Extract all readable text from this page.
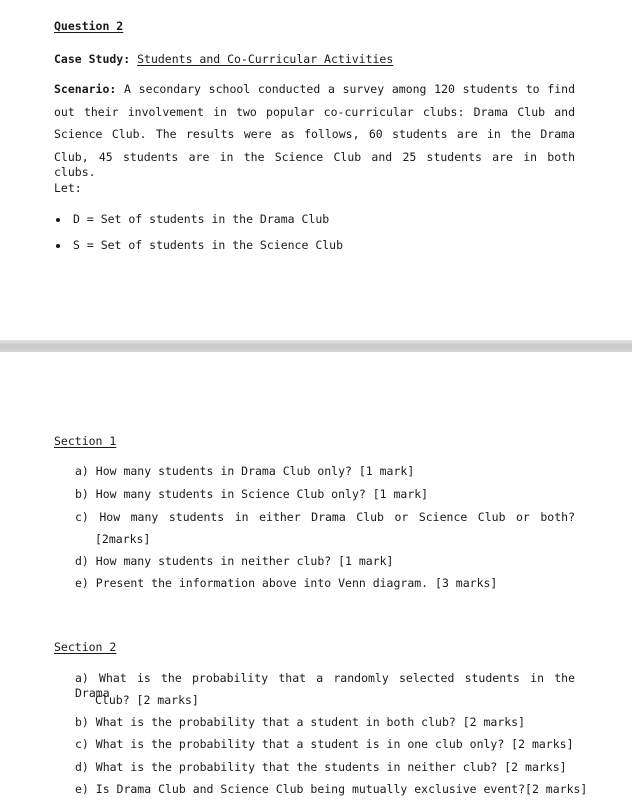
Question 2
Case Study: Students and Co-Curricular Activities
Scenario: A secondary school conducted a survey among 120 students to find
out their involvement in two popular co-curricular clubs: Drama Club and
Science Club. The results were as follows, 60 students are in the Drama
Club, 45 students are in the Science Club and 25 students are in both clubs.
Let:
D = Set of students in the Drama Club
S = Set of students in the Science Club
Section 1
a) How many students in Drama Club only? [1 mark]
b) How many students in Science Club only? [1 mark]
c) How many students in either Drama Club or Science Club or both?
[2marks]
d) How many students in neither club? [1 mark]
e) Present the information above into Venn diagram. [3 marks]
Section 2
a) What is the probability that a randomly selected students in the Drama
Club? [2 marks]
b) What is the probability that a student in both club? [2 marks]
c) What is the probability that a student is in one club only? [2 marks]
d) What is the probability that the students in neither club? [2 marks]
e) Is Drama Club and Science Club being mutually exclusive event?[2 marks]
